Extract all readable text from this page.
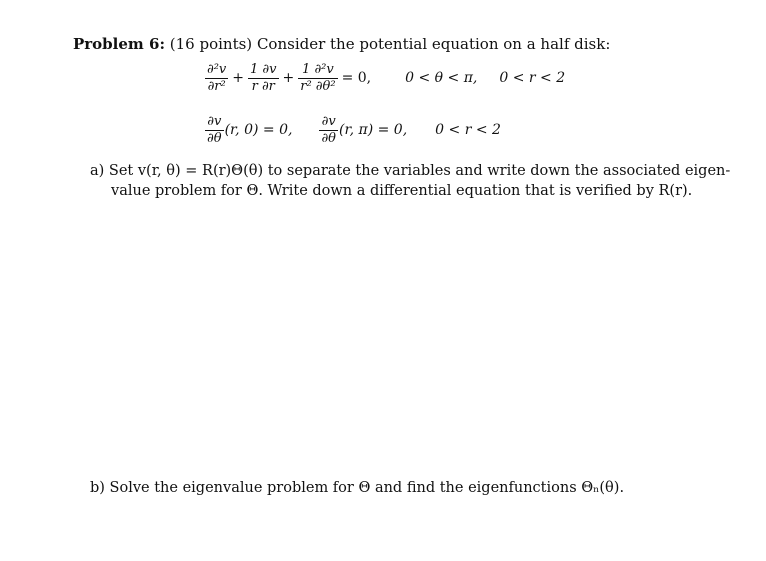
Problem 6: (16 points) Consider the potential equation on a half disk:
$\frac{\text{∂²v}}{\text{∂r²}} + \frac{1 \partial v}{r \partial r} + \frac{\text{1 ∂²v}}{\text{r² ∂θ²}} = 0$, 0 < θ < π, 0 < r < 2
$\frac{\partial v}{\partial\theta} (r$, 0) = 0, $\frac{\partial v}{\partial\theta} (r$, π) = 0, 0 < r < 2
a) Set v(r, θ) = R(r)Θ(θ) to separate the variables and write down the associated eigen-
value problem for Θ. Write down a differential equation that is verified by R(r).
b) Solve the eigenvalue problem for Θ and find the eigenfunctions Θₙ(θ).
